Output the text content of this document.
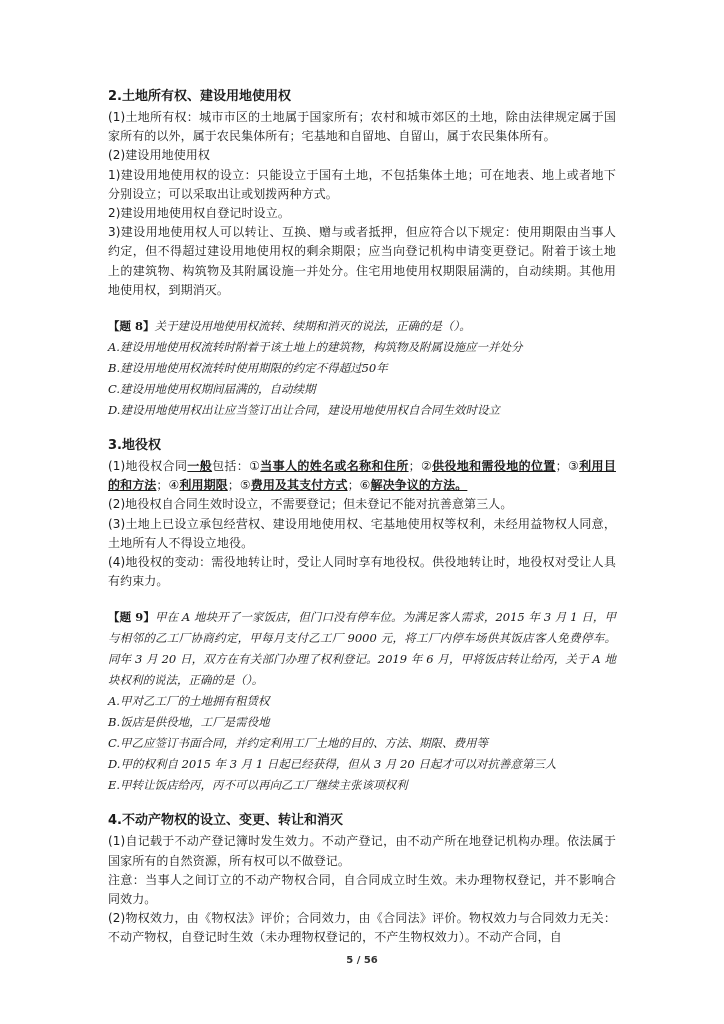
2.土地所有权、建设用地使用权

(1)土地所有权：城市市区的土地属于国家所有；农村和城市郊区的土地，除由法律规定属于国家所有的以外，属于农民集体所有；宅基地和自留地、自留山，属于农民集体所有。

(2)建设用地使用权

1)建设用地使用权的设立：只能设立于国有土地，不包括集体土地；可在地表、地上或者地下分别设立；可以采取出让或划拨两种方式。

2)建设用地使用权自登记时设立。

3)建设用地使用权人可以转让、互换、赠与或者抵押，但应符合以下规定：使用期限由当事人约定，但不得超过建设用地使用权的剩余期限；应当向登记机构申请变更登记。附着于该土地上的建筑物、构筑物及其附属设施一并处分。住宅用地使用权期限届满的，自动续期。其他用地使用权，到期消灭。

【题 8】关于建设用地使用权流转、续期和消灭的说法，正确的是（）。

A.建设用地使用权流转时附着于该土地上的建筑物，构筑物及附属设施应一并处分

B.建设用地使用权流转时使用期限的约定不得超过50年

C.建设用地使用权期间届满的，自动续期

D.建设用地使用权出让应当签订出让合同，建设用地使用权自合同生效时设立

3.地役权

(1)地役权合同一般包括：①当事人的姓名或名称和住所；②供役地和需役地的位置；③利用目的和方法；④利用期限；⑤费用及其支付方式；⑥解决争议的方法。

(2)地役权自合同生效时设立，不需要登记；但未登记不能对抗善意第三人。

(3)土地上已设立承包经营权、建设用地使用权、宅基地使用权等权利，未经用益物权人同意，土地所有人不得设立地役。

(4)地役权的变动：需役地转让时，受让人同时享有地役权。供役地转让时，地役权对受让人具有约束力。

【题 9】甲在 A 地块开了一家饭店，但门口没有停车位。为满足客人需求，2015 年 3 月 1 日，甲与相邻的乙工厂协商约定，甲每月支付乙工厂 9000 元，将工厂内停车场供其饭店客人免费停车。同年 3 月 20 日，双方在有关部门办理了权利登记。2019 年 6 月，甲将饭店转让给丙，关于 A 地块权利的说法，正确的是（）。

A.甲对乙工厂的土地拥有租赁权

B.饭店是供役地，工厂是需役地

C.甲乙应签订书面合同，并约定利用工厂土地的目的、方法、期限、费用等

D.甲的权利自 2015 年 3 月 1 日起已经获得，但从 3 月 20 日起才可以对抗善意第三人

E.甲转让饭店给丙，丙不可以再向乙工厂继续主张该项权利

4.不动产物权的设立、变更、转让和消灭

(1)自记载于不动产登记簿时发生效力。不动产登记，由不动产所在地登记机构办理。依法属于国家所有的自然资源，所有权可以不做登记。

注意：当事人之间订立的不动产物权合同，自合同成立时生效。未办理物权登记，并不影响合同效力。

(2)物权效力，由《物权法》评价；合同效力，由《合同法》评价。物权效力与合同效力无关：不动产物权，自登记时生效（未办理物权登记的，不产生物权效力）。不动产合同，自

5 / 56
